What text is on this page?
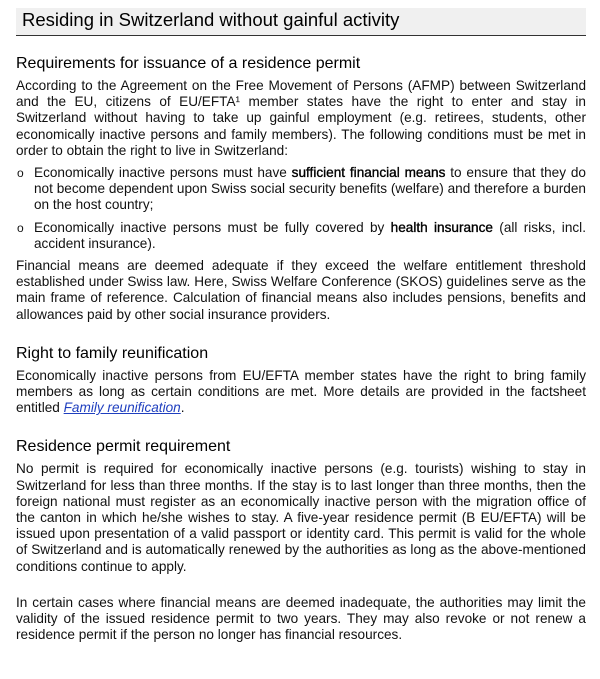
Residing in Switzerland without gainful activity
Requirements for issuance of a residence permit

According to the Agreement on the Free Movement of Persons (AFMP) between Switzerland and the EU, citizens of EU/EFTA¹ member states have the right to enter and stay in Switzerland without having to take up gainful employment (e.g. retirees, students, other economically inactive persons and family members). The following conditions must be met in order to obtain the right to live in Switzerland:

o Economically inactive persons must have sufficient financial means to ensure that they do not become dependent upon Swiss social security benefits (welfare) and therefore a burden on the host country;
o Economically inactive persons must be fully covered by health insurance (all risks, incl. accident insurance).

Financial means are deemed adequate if they exceed the welfare entitlement threshold established under Swiss law. Here, Swiss Welfare Conference (SKOS) guidelines serve as the main frame of reference. Calculation of financial means also includes pensions, benefits and allowances paid by other social insurance providers.

Right to family reunification

Economically inactive persons from EU/EFTA member states have the right to bring family members as long as certain conditions are met. More details are provided in the factsheet entitled Family reunification.

Residence permit requirement

No permit is required for economically inactive persons (e.g. tourists) wishing to stay in Switzerland for less than three months. If the stay is to last longer than three months, then the foreign national must register as an economically inactive person with the migration office of the canton in which he/she wishes to stay. A five-year residence permit (B EU/EFTA) will be issued upon presentation of a valid passport or identity card. This permit is valid for the whole of Switzerland and is automatically renewed by the authorities as long as the above-mentioned conditions continue to apply.

In certain cases where financial means are deemed inadequate, the authorities may limit the validity of the issued residence permit to two years. They may also revoke or not renew a residence permit if the person no longer has financial resources.
